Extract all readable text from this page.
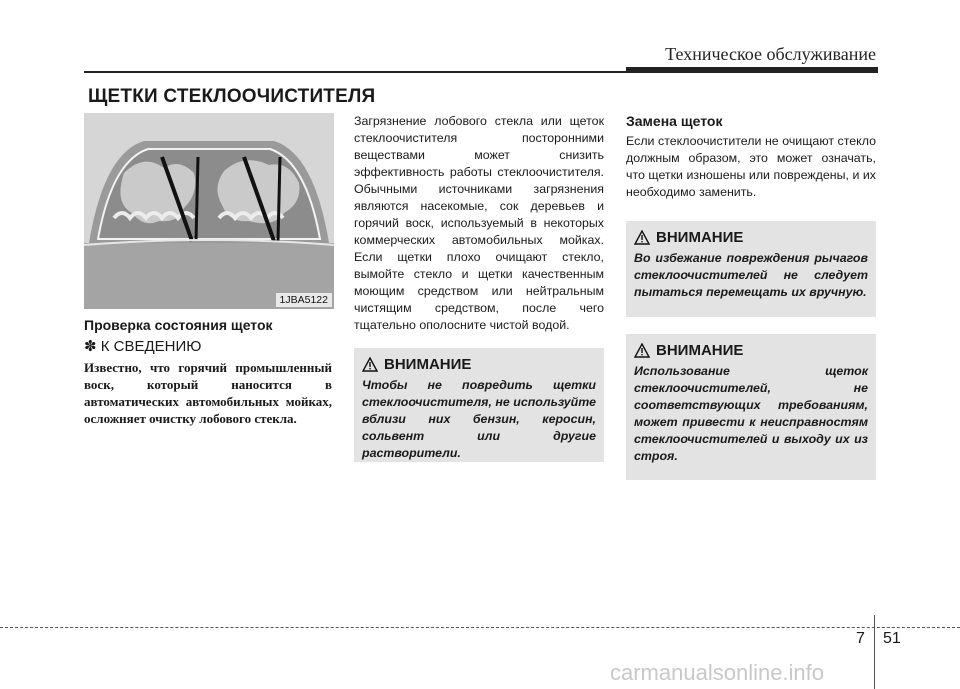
Техническое обслуживание
ЩЕТКИ СТЕКЛООЧИСТИТЕЛЯ
1JBA5122
Проверка состояния щеток
✽ К СВЕДЕНИЮ
Известно, что горячий промышленный воск, который наносится в автоматических автомобильных мойках, осложняет очистку лобового стекла.
Загрязнение лобового стекла или щеток стеклоочистителя посторонними веществами может снизить эффективность работы стеклоочистителя. Обычными источниками загрязнения являются насекомые, сок деревьев и горячий воск, используемый в некоторых коммерческих автомобильных мойках. Если щетки плохо очищают стекло, вымойте стекло и щетки качественным моющим средством или нейтральным чистящим средством, после чего тщательно ополосните чистой водой.
ВНИМАНИЕ
Чтобы не повредить щетки стеклоочистителя, не используйте вблизи них бензин, керосин, сольвент или другие растворители.
Замена щеток
Если стеклоочистители не очищают стекло должным образом, это может означать, что щетки изношены или повреждены, и их необходимо заменить.
ВНИМАНИЕ
Во избежание повреждения рычагов стеклоочистителей не следует пытаться перемещать их вручную.
ВНИМАНИЕ
Использование щеток стеклоочистителей, не соответствующих требованиям, может привести к неисправностям стеклоочистителей и выходу их из строя.
7 51
carmanualsonline.info
